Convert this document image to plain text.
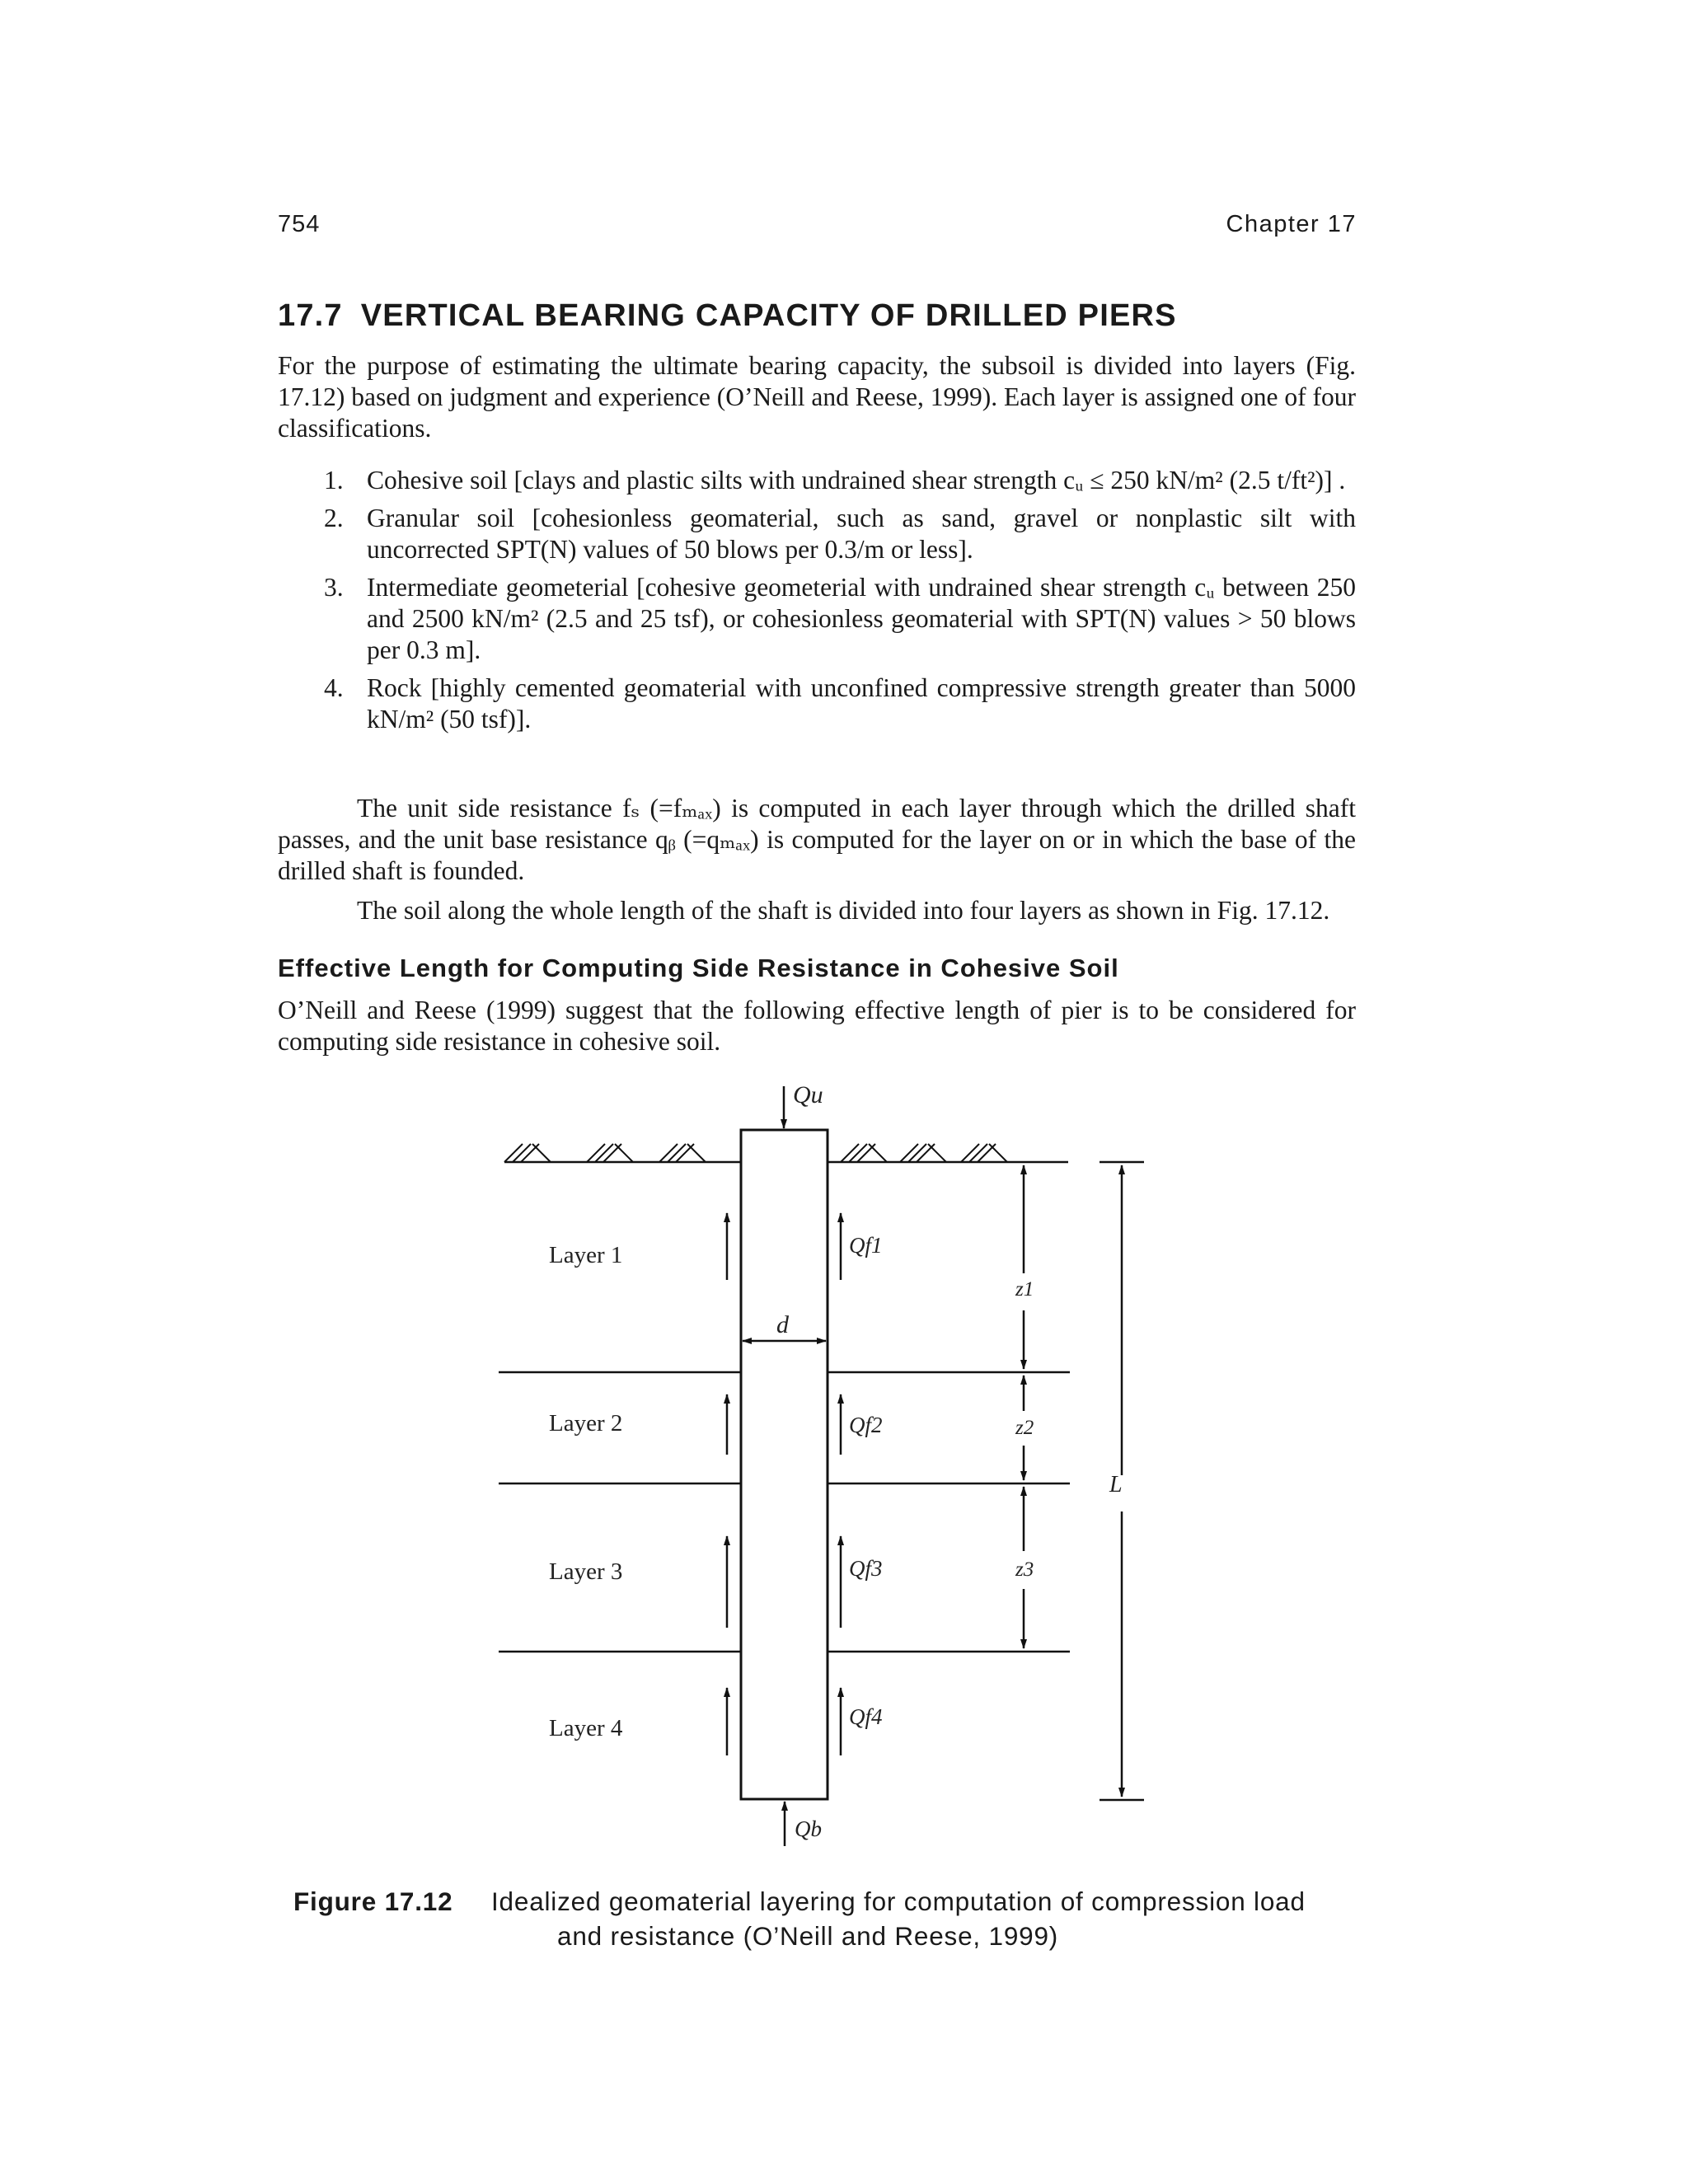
754	Chapter 17
17.7 VERTICAL BEARING CAPACITY OF DRILLED PIERS

For the purpose of estimating the ultimate bearing capacity, the subsoil is divided into layers (Fig. 17.12) based on judgment and experience (O’Neill and Reese, 1999). Each layer is assigned one of four classifications.

1. Cohesive soil [clays and plastic silts with undrained shear strength cᵤ ≤ 250 kN/m² (2.5 t/ft²)] .
2. Granular soil [cohesionless geomaterial, such as sand, gravel or nonplastic silt with uncorrected SPT(N) values of 50 blows per 0.3/m or less].
3. Intermediate geometerial [cohesive geometerial with undrained shear strength cᵤ between 250 and 2500 kN/m² (2.5 and 25 tsf), or cohesionless geomaterial with SPT(N) values > 50 blows per 0.3 m].
4. Rock [highly cemented geomaterial with unconfined compressive strength greater than 5000 kN/m² (50 tsf)].

The unit side resistance fₛ (=fₘₐₓ) is computed in each layer through which the drilled shaft passes, and the unit base resistance qᵦ (=qₘₐₓ) is computed for the layer on or in which the base of the drilled shaft is founded.

The soil along the whole length of the shaft is divided into four layers as shown in Fig. 17.12.

Effective Length for Computing Side Resistance in Cohesive Soil

O’Neill and Reese (1999) suggest that the following effective length of pier is to be considered for computing side resistance in cohesive soil.

Qu
Qb
d
L
Layer 1
Layer 2
Layer 3
Layer 4
Qf1
Qf2
Qf3
Qf4
z1
z2
z3
Figure 17.12 Idealized geomaterial layering for computation of compression load
and resistance (O’Neill and Reese, 1999)
